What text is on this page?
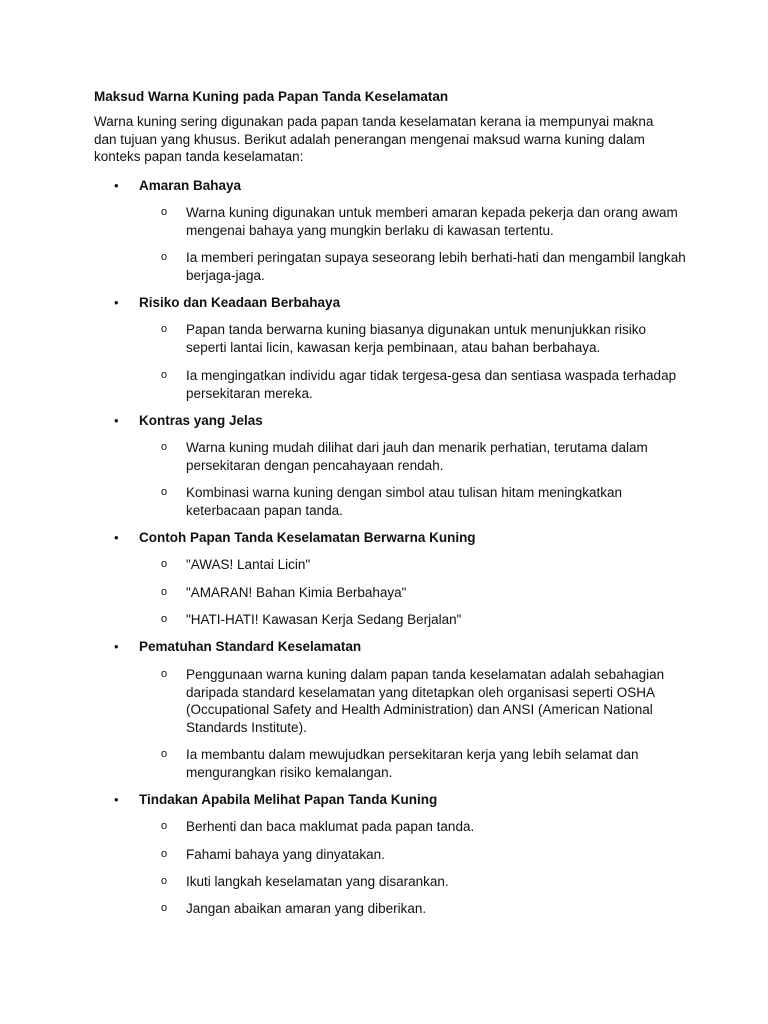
Maksud Warna Kuning pada Papan Tanda Keselamatan
Warna kuning sering digunakan pada papan tanda keselamatan kerana ia mempunyai makna dan tujuan yang khusus. Berikut adalah penerangan mengenai maksud warna kuning dalam konteks papan tanda keselamatan:
•	Amaran Bahaya
o Warna kuning digunakan untuk memberi amaran kepada pekerja dan orang awam mengenai bahaya yang mungkin berlaku di kawasan tertentu.
o Ia memberi peringatan supaya seseorang lebih berhati-hati dan mengambil langkah berjaga-jaga.
•	Risiko dan Keadaan Berbahaya
o Papan tanda berwarna kuning biasanya digunakan untuk menunjukkan risiko seperti lantai licin, kawasan kerja pembinaan, atau bahan berbahaya.
o Ia mengingatkan individu agar tidak tergesa-gesa dan sentiasa waspada terhadap persekitaran mereka.
•	Kontras yang Jelas
o Warna kuning mudah dilihat dari jauh dan menarik perhatian, terutama dalam persekitaran dengan pencahayaan rendah.
o Kombinasi warna kuning dengan simbol atau tulisan hitam meningkatkan keterbacaan papan tanda.
•	Contoh Papan Tanda Keselamatan Berwarna Kuning
o "AWAS! Lantai Licin"
o "AMARAN! Bahan Kimia Berbahaya"
o "HATI-HATI! Kawasan Kerja Sedang Berjalan"
•	Pematuhan Standard Keselamatan
o Penggunaan warna kuning dalam papan tanda keselamatan adalah sebahagian daripada standard keselamatan yang ditetapkan oleh organisasi seperti OSHA (Occupational Safety and Health Administration) dan ANSI (American National Standards Institute).
o Ia membantu dalam mewujudkan persekitaran kerja yang lebih selamat dan mengurangkan risiko kemalangan.
•	Tindakan Apabila Melihat Papan Tanda Kuning
o Berhenti dan baca maklumat pada papan tanda.
o Fahami bahaya yang dinyatakan.
o Ikuti langkah keselamatan yang disarankan.
o Jangan abaikan amaran yang diberikan.
